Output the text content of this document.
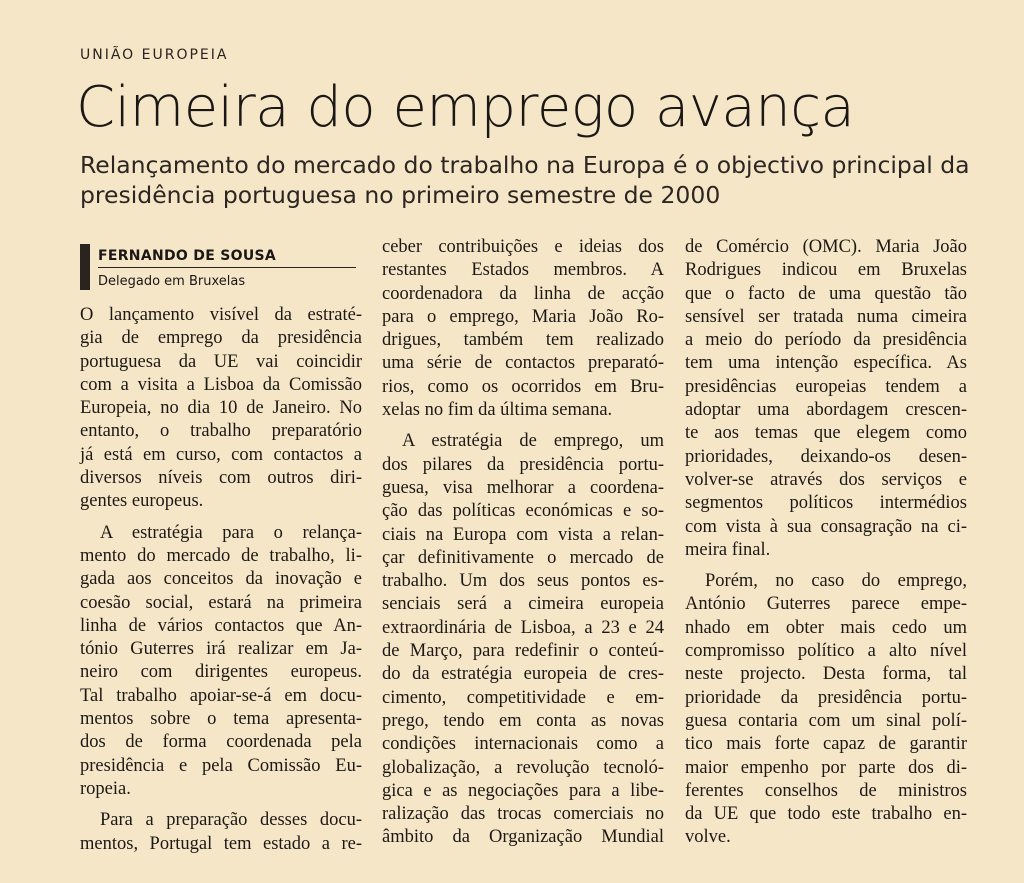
UNIÃO EUROPEIA
Cimeira do emprego avança
Relançamento do mercado do trabalho na Europa é o objectivo principal da presidência portuguesa no primeiro semestre de 2000
FERNANDO DE SOUSA
Delegado em Bruxelas
O lançamento visível da estraté-
gia de emprego da presidência
portuguesa da UE vai coincidir
com a visita a Lisboa da Comissão
Europeia, no dia 10 de Janeiro. No
entanto, o trabalho preparatório
já está em curso, com contactos a
diversos níveis com outros diri-
gentes europeus.
A estratégia para o relança-
mento do mercado de trabalho, li-
gada aos conceitos da inovação e
coesão social, estará na primeira
linha de vários contactos que An-
tónio Guterres irá realizar em Ja-
neiro com dirigentes europeus.
Tal trabalho apoiar-se-á em docu-
mentos sobre o tema apresenta-
dos de forma coordenada pela
presidência e pela Comissão Eu-
ropeia.
Para a preparação desses docu-
mentos, Portugal tem estado a re-
ceber contribuições e ideias dos
restantes Estados membros. A
coordenadora da linha de acção
para o emprego, Maria João Ro-
drigues, também tem realizado
uma série de contactos preparató-
rios, como os ocorridos em Bru-
xelas no fim da última semana.
A estratégia de emprego, um
dos pilares da presidência portu-
guesa, visa melhorar a coordena-
ção das políticas económicas e so-
ciais na Europa com vista a relan-
çar definitivamente o mercado de
trabalho. Um dos seus pontos es-
senciais será a cimeira europeia
extraordinária de Lisboa, a 23 e 24
de Março, para redefinir o conteú-
do da estratégia europeia de cres-
cimento, competitividade e em-
prego, tendo em conta as novas
condições internacionais como a
globalização, a revolução tecnoló-
gica e as negociações para a libe-
ralização das trocas comerciais no
âmbito da Organização Mundial
de Comércio (OMC). Maria João
Rodrigues indicou em Bruxelas
que o facto de uma questão tão
sensível ser tratada numa cimeira
a meio do período da presidência
tem uma intenção específica. As
presidências europeias tendem a
adoptar uma abordagem crescen-
te aos temas que elegem como
prioridades, deixando-os desen-
volver-se através dos serviços e
segmentos políticos intermédios
com vista à sua consagração na ci-
meira final.
Porém, no caso do emprego,
António Guterres parece empe-
nhado em obter mais cedo um
compromisso político a alto nível
neste projecto. Desta forma, tal
prioridade da presidência portu-
guesa contaria com um sinal polí-
tico mais forte capaz de garantir
maior empenho por parte dos di-
ferentes conselhos de ministros
da UE que todo este trabalho en-
volve.
